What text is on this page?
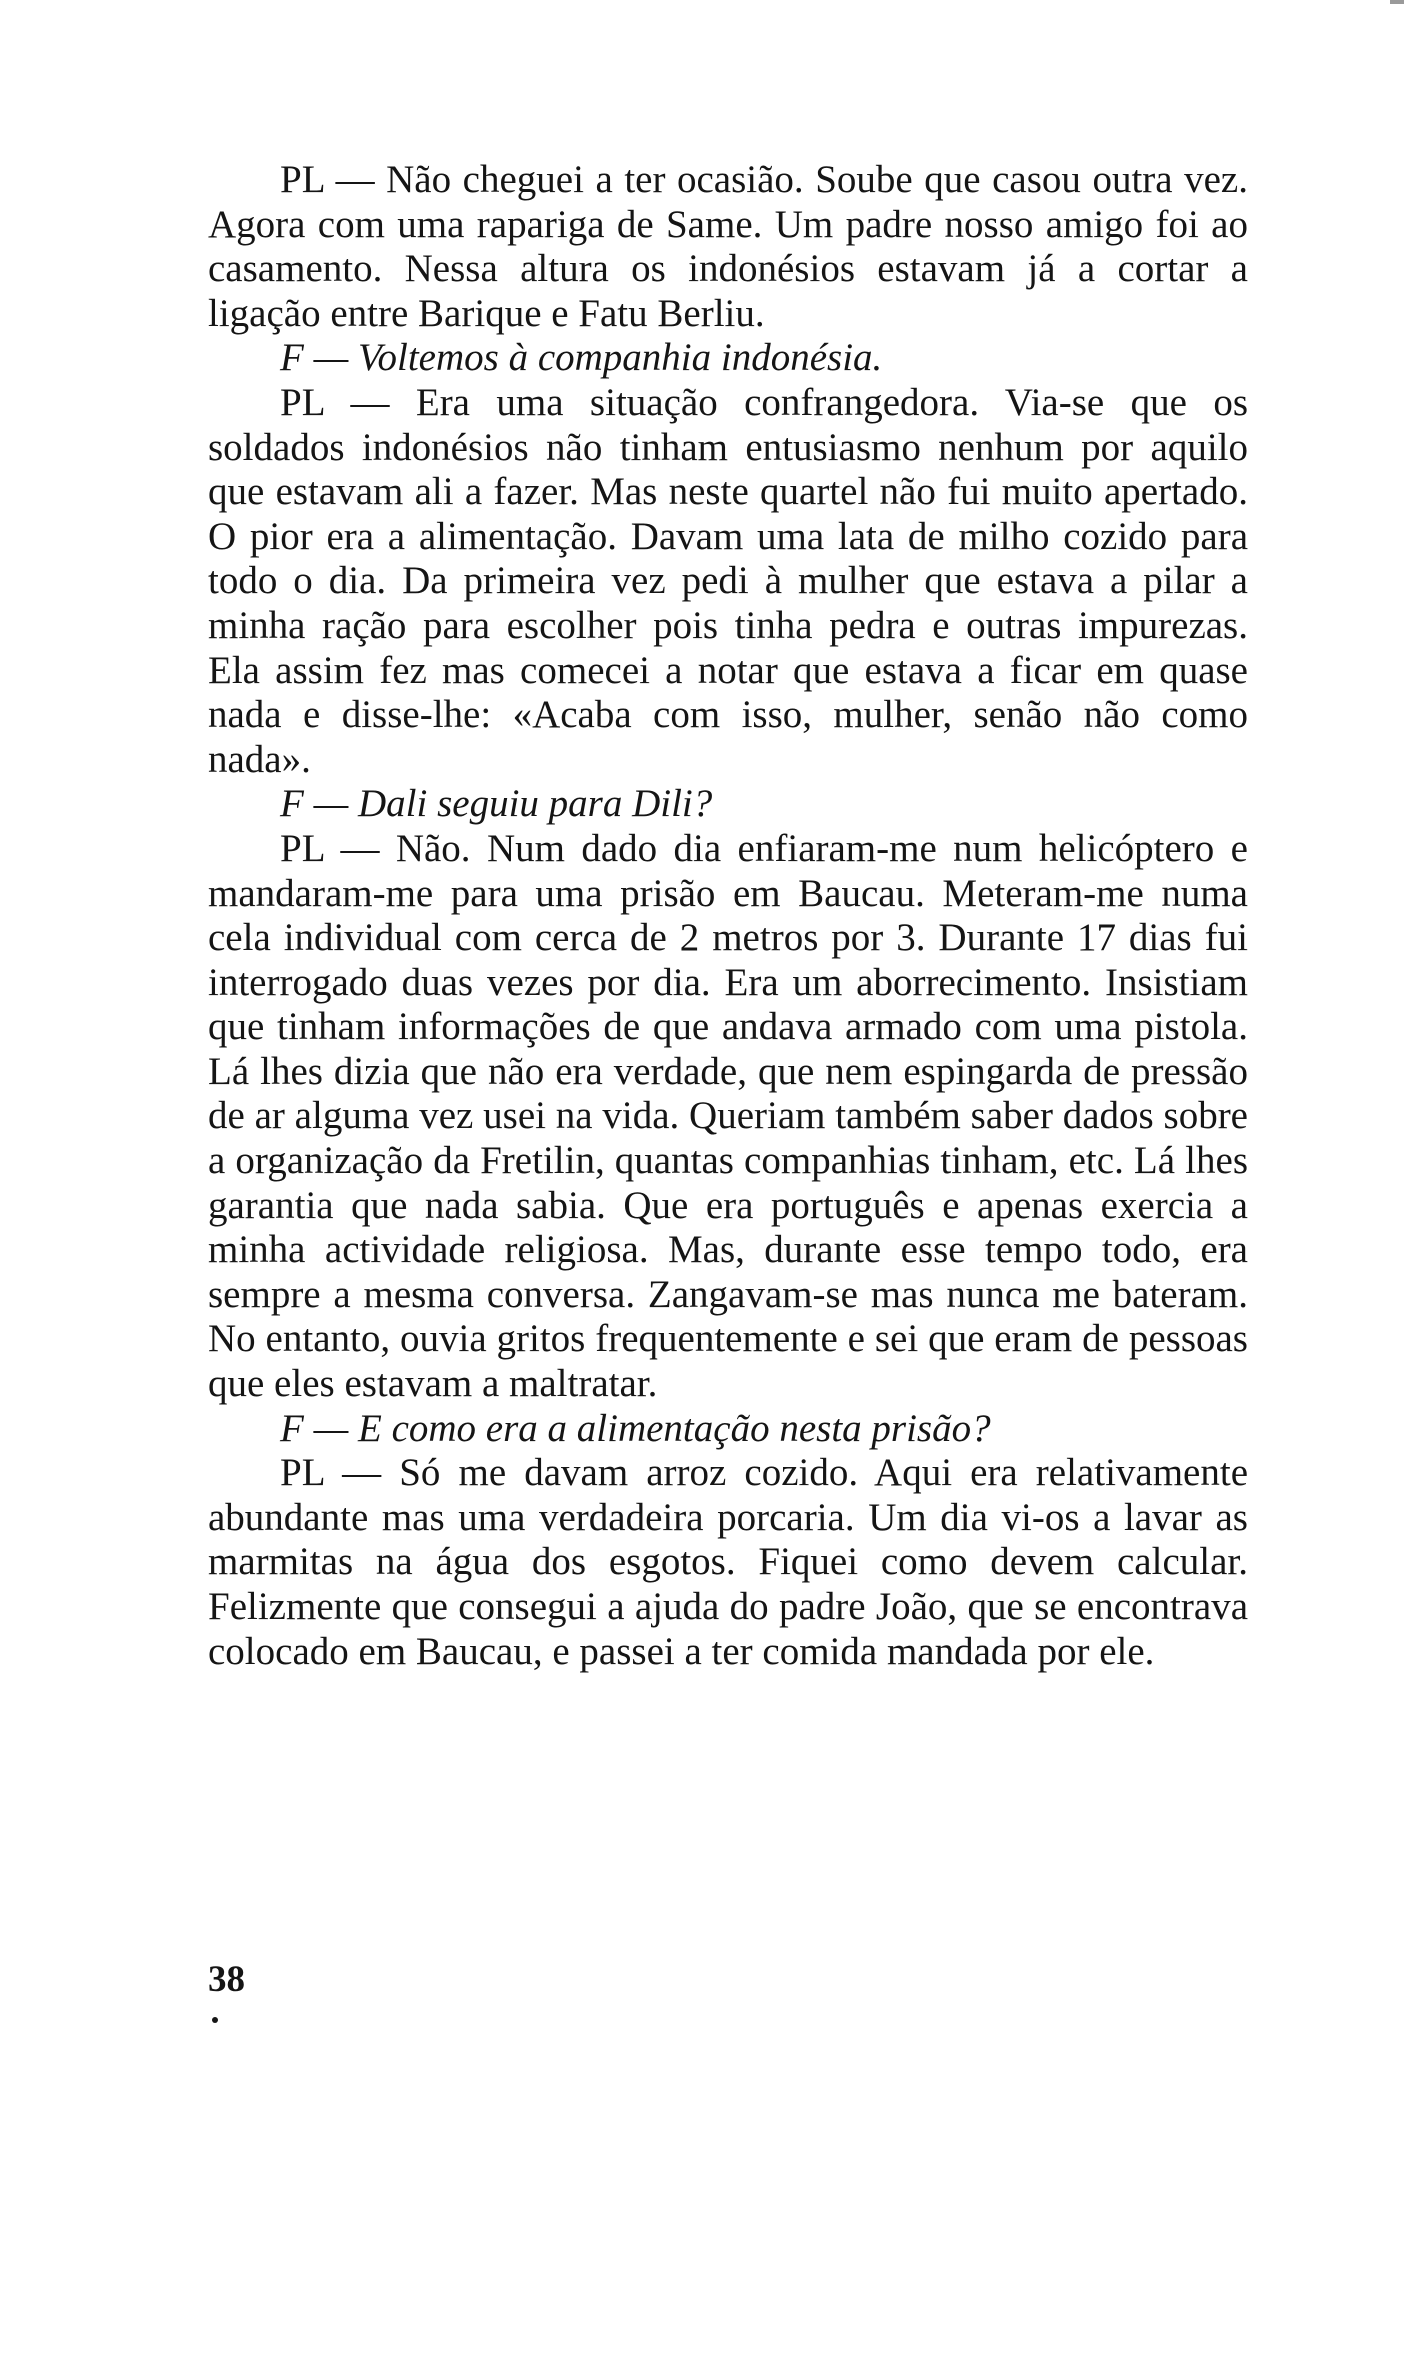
PL — Não cheguei a ter ocasião. Soube que casou outra vez. Agora com uma rapariga de Same. Um padre nosso amigo foi ao casamento. Nessa altura os indonésios estavam já a cortar a ligação entre Barique e Fatu Berliu.

F — Voltemos à companhia indonésia.

PL — Era uma situação confrangedora. Via-se que os soldados indonésios não tinham entusiasmo nenhum por aquilo que estavam ali a fazer. Mas neste quartel não fui muito apertado. O pior era a alimentação. Davam uma lata de milho cozido para todo o dia. Da primeira vez pedi à mulher que estava a pilar a minha ração para escolher pois tinha pedra e outras impurezas. Ela assim fez mas comecei a notar que estava a ficar em quase nada e disse-lhe: «Acaba com isso, mulher, senão não como nada».

F — Dali seguiu para Dili?

PL — Não. Num dado dia enfiaram-me num helicóptero e mandaram-me para uma prisão em Baucau. Meteram-me numa cela individual com cerca de 2 metros por 3. Durante 17 dias fui interrogado duas vezes por dia. Era um aborrecimento. Insistiam que tinham informações de que andava armado com uma pistola. Lá lhes dizia que não era verdade, que nem espingarda de pressão de ar alguma vez usei na vida. Queriam também saber dados sobre a organização da Fretilin, quantas companhias tinham, etc. Lá lhes garantia que nada sabia. Que era português e apenas exercia a minha actividade religiosa. Mas, durante esse tempo todo, era sempre a mesma conversa. Zangavam-se mas nunca me bateram. No entanto, ouvia gritos frequentemente e sei que eram de pessoas que eles estavam a maltratar.

F — E como era a alimentação nesta prisão?

PL — Só me davam arroz cozido. Aqui era relativamente abundante mas uma verdadeira porcaria. Um dia vi-os a lavar as marmitas na água dos esgotos. Fiquei como devem calcular. Felizmente que consegui a ajuda do padre João, que se encontrava colocado em Baucau, e passei a ter comida mandada por ele.

38
